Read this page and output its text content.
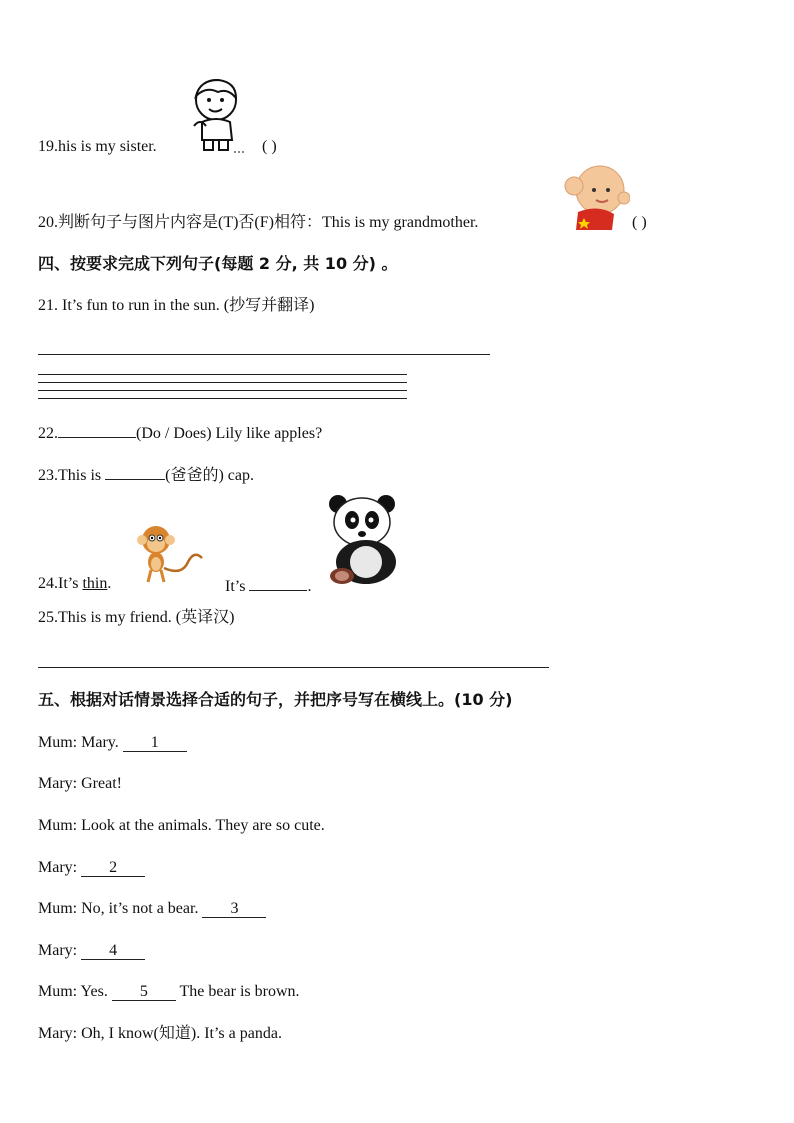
19.his is my sister.	( )
20.判断句子与图片内容是(T)否(F)相符：This is my grandmother.	( )
四、按要求完成下列句子(每题 2 分, 共 10 分) 。
21. It’s fun to run in the sun. (抄写并翻译)
22.	(Do / Does) Lily like apples?
23.This is	(爸爸的) cap.
24.It’s thin.	It’s	.
25.This is my friend. (英译汉)
五、根据对话情景选择合适的句子，并把序号写在横线上。(10 分)
Mum: Mary. 1
Mary: Great!
Mum: Look at the animals. They are so cute.
Mary: 2
Mum: No, it’s not a bear. 3
Mary: 4
Mum: Yes. 5 The bear is brown.
Mary: Oh, I know(知道). It’s a panda.
